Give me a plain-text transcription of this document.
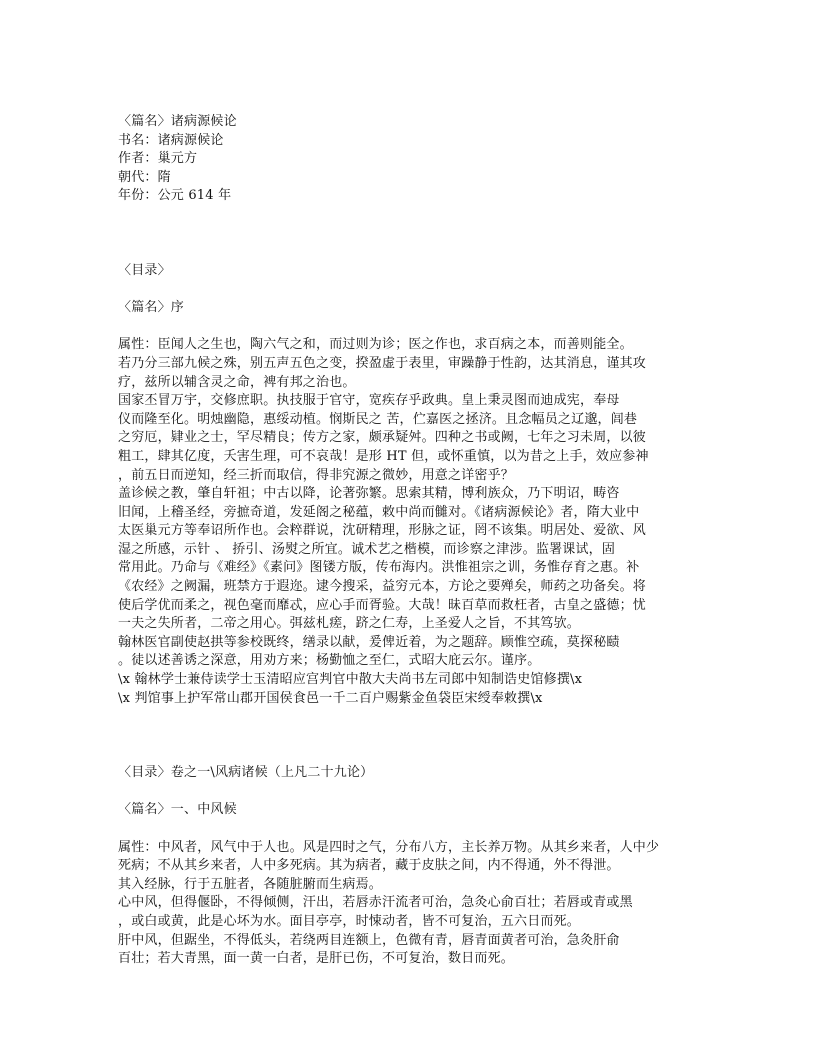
〈篇名〉诸病源候论
书名：诸病源候论
作者：巢元方
朝代：隋
年份：公元 614 年
〈目录〉
〈篇名〉序
属性：臣闻人之生也，陶六气之和，而过则为诊；医之作也，求百病之本，而善则能全。
若乃分三部九候之殊，别五声五色之变，揆盈虚于表里，审躁静于性韵，达其消息，谨其攻
疗，兹所以辅含灵之命，裨有邦之治也。
国家丕冒万宇，交修庶职。执技服于官守，宽疾存乎政典。皇上秉灵图而迪成宪，奉母
仪而隆至化。明烛幽隐，惠绥动植。悯斯民之 苦，伫嘉医之拯济。且念幅员之辽邈，闾巷
之穷厄，肄业之士，罕尽精良；传方之家，颇承疑舛。四种之书或阙，七年之习未周，以彼
粗工，肆其亿度，夭害生理，可不哀哉！是形 HT 但，或怀重慎，以为昔之上手，效应参神
，前五日而逆知，经三折而取信，得非究源之微妙，用意之详密乎？
盖诊候之教，肇自轩祖；中古以降，论著弥繁。思索其精，博利族众，乃下明诏，畴咨
旧闻，上稽圣经，旁摭奇道，发延阁之秘蕴，敕中尚而雠对。《诸病源候论》者，隋大业中
太医巢元方等奉诏所作也。会粹群说，沈研精理，形脉之证，罔不该集。明居处、爱欲、风
湿之所感，示针 、 挢引、汤熨之所宜。诚术艺之楷模，而诊察之津涉。监署课试，固
常用此。乃命与《难经》《素问》图镂方版，传布海内。洪惟祖宗之训，务惟存育之惠。补
《农经》之阙漏，班禁方于遐迩。逮今搜采，益穷元本，方论之要殚矣，师药之功备矣。将
使后学优而柔之，视色毫而靡忒，应心手而胥验。大哉！昧百草而救枉者，古皇之盛德；忧
一夫之失所者，二帝之用心。弭兹札瘥，跻之仁寿，上圣爱人之旨，不其笃欤。
翰林医官副使赵拱等参校既终，缮录以献，爰俾近着，为之题辞。顾惟空疏，莫探秘赜
。徒以述善诱之深意，用劝方来；杨勤恤之至仁，式昭大庇云尔。谨序。
\x 翰林学士兼侍读学士玉清昭应宫判官中散大夫尚书左司郎中知制诰史馆修撰\x
\x 判馆事上护军常山郡开国侯食邑一千二百户赐紫金鱼袋臣宋绶奉敕撰\x
〈目录〉卷之一\风病诸候（上凡二十九论）
〈篇名〉一、中风候
属性：中风者，风气中于人也。风是四时之气，分布八方，主长养万物。从其乡来者，人中少
死病；不从其乡来者，人中多死病。其为病者，藏于皮肤之间，内不得通，外不得泄。
其入经脉，行于五脏者，各随脏腑而生病焉。
心中风，但得偃卧，不得倾侧，汗出，若唇赤汗流者可治，急灸心俞百壮；若唇或青或黑
，或白或黄，此是心坏为水。面目亭亭，时悚动者，皆不可复治，五六日而死。
肝中风，但踞坐，不得低头，若绕两目连额上，色微有青，唇青面黄者可治，急灸肝俞
百壮；若大青黑，面一黄一白者，是肝已伤，不可复治，数日而死。
